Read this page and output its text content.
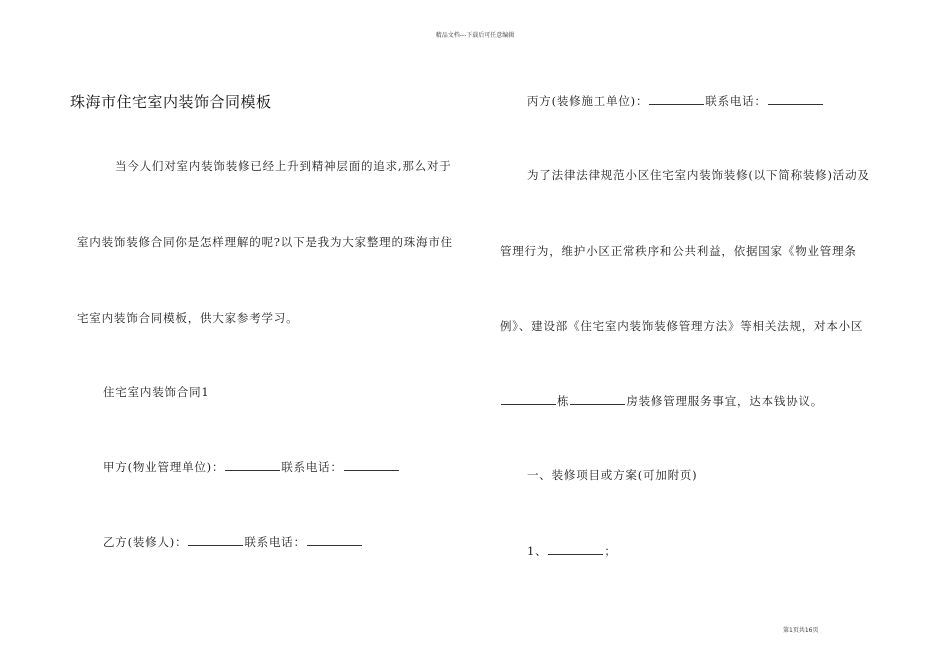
精品文档---下载后可任意编辑
珠海市住宅室内装饰合同模板
当今人们对室内装饰装修已经上升到精神层面的追求,那么对于
室内装饰装修合同你是怎样理解的呢?以下是我为大家整理的珠海市住
宅室内装饰合同模板，供大家参考学习。
住宅室内装饰合同1
甲方(物业管理单位)：	联系电话：
乙方(装修人)：	联系电话：
丙方(装修施工单位)：	联系电话：
为了法律法律规范小区住宅室内装饰装修(以下简称装修)活动及
管理行为，维护小区正常秩序和公共利益，依据国家《物业管理条
例》、建设部《住宅室内装饰装修管理方法》等相关法规，对本小区
栋	房装修管理服务事宜，达本钱协议。
一、装修项目或方案(可加附页)
1、	；
第1页共16页
